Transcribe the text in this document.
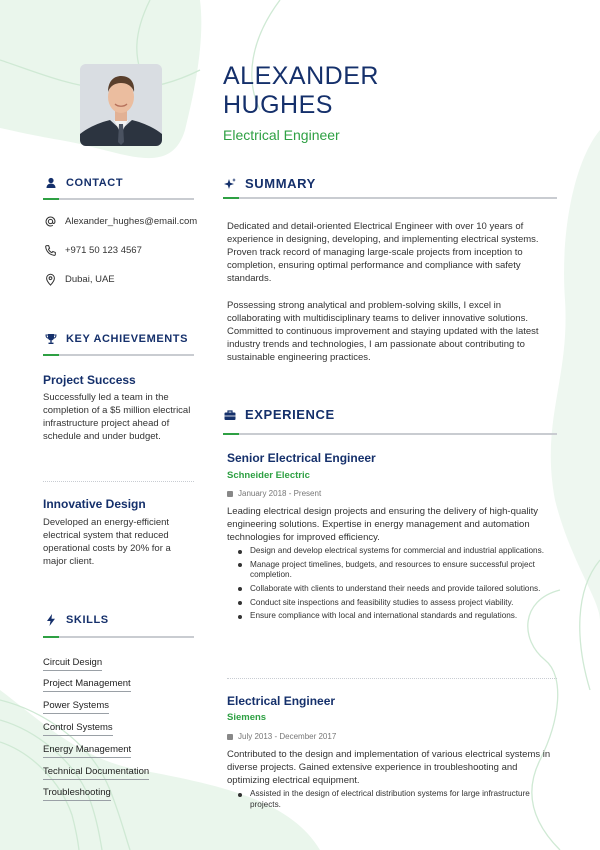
ALEXANDER
HUGHES
Electrical Engineer
CONTACT
Alexander_hughes@email.com
+971 50 123 4567
Dubai, UAE
KEY ACHIEVEMENTS
Project Success
Successfully led a team in the completion of a $5 million electrical infrastructure project ahead of schedule and under budget.
Innovative Design
Developed an energy-efficient electrical system that reduced operational costs by 20% for a major client.
SKILLS
Circuit Design
Project Management
Power Systems
Control Systems
Energy Management
Technical Documentation
Troubleshooting
SUMMARY
Dedicated and detail-oriented Electrical Engineer with over 10 years of experience in designing, developing, and implementing electrical systems. Proven track record of managing large-scale projects from inception to completion, ensuring optimal performance and compliance with safety standards.
Possessing strong analytical and problem-solving skills, I excel in collaborating with multidisciplinary teams to deliver innovative solutions. Committed to continuous improvement and staying updated with the latest industry trends and technologies, I am passionate about contributing to sustainable engineering practices.
EXPERIENCE
Senior Electrical Engineer
Schneider Electric
January 2018 - Present
Leading electrical design projects and ensuring the delivery of high-quality engineering solutions. Expertise in energy management and automation technologies for improved efficiency.
Design and develop electrical systems for commercial and industrial applications.
Manage project timelines, budgets, and resources to ensure successful project completion.
Collaborate with clients to understand their needs and provide tailored solutions.
Conduct site inspections and feasibility studies to assess project viability.
Ensure compliance with local and international standards and regulations.
Electrical Engineer
Siemens
July 2013 - December 2017
Contributed to the design and implementation of various electrical systems in diverse projects. Gained extensive experience in troubleshooting and optimizing electrical equipment.
Assisted in the design of electrical distribution systems for large infrastructure projects.
